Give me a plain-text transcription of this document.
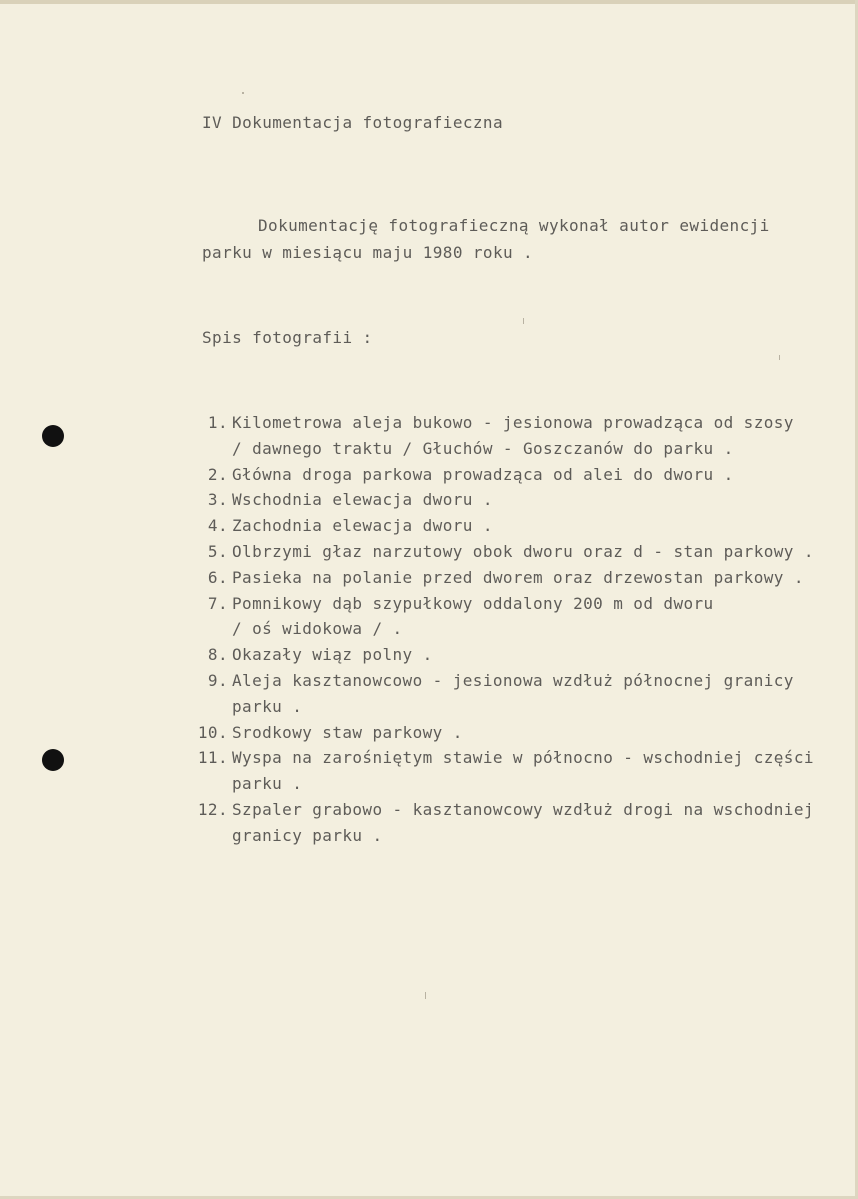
IV Dokumentacja fotografieczna
Dokumentację fotografieczną wykonał autor ewidencji
parku w miesiącu maju 1980 roku .
Spis fotografii :
1. Kilometrowa aleja bukowo - jesionowa prowadząca od szosy
/ dawnego traktu / Głuchów - Goszczanów do parku .
2. Główna droga parkowa prowadząca od alei do dworu .
3. Wschodnia elewacja dworu .
4. Zachodnia elewacja dworu .
5. Olbrzymi głaz narzutowy obok dworu oraz d - stan parkowy .
6. Pasieka na polanie przed dworem oraz drzewostan parkowy .
7. Pomnikowy dąb szypułkowy oddalony 200 m od dworu
/ oś widokowa / .
8. Okazały wiąz polny .
9. Aleja kasztanowcowo - jesionowa wzdłuż północnej granicy
parku .
10. Srodkowy staw parkowy .
11. Wyspa na zarośniętym stawie w północno - wschodniej części
parku .
12. Szpaler grabowo - kasztanowcowy wzdłuż drogi na wschodniej
granicy parku .
